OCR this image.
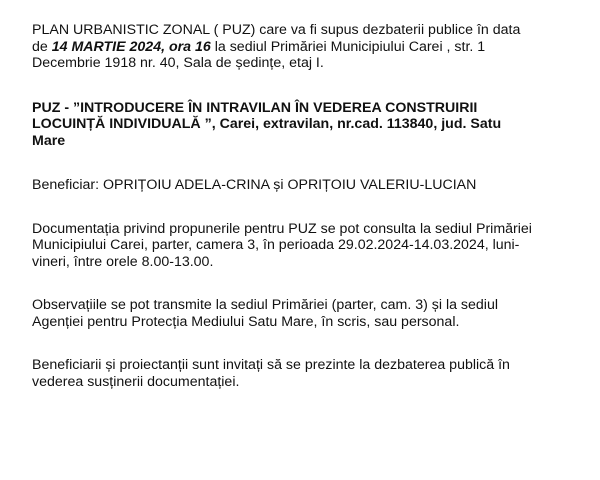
PLAN URBANISTIC ZONAL ( PUZ) care va fi supus dezbaterii publice în data
de 14 MARTIE 2024, ora 16 la sediul Primăriei Municipiului Carei , str. 1
Decembrie 1918 nr. 40, Sala de ședințe, etaj I.

PUZ - ”INTRODUCERE ÎN INTRAVILAN ÎN VEDEREA CONSTRUIRII
LOCUINȚĂ INDIVIDUALĂ ”, Carei, extravilan, nr.cad. 113840, jud. Satu
Mare

Beneficiar: OPRIȚOIU ADELA-CRINA și OPRIȚOIU VALERIU-LUCIAN

Documentația privind propunerile pentru PUZ se pot consulta la sediul Primăriei
Municipiului Carei, parter, camera 3, în perioada 29.02.2024-14.03.2024, luni-
vineri, între orele 8.00-13.00.

Observațiile se pot transmite la sediul Primăriei (parter, cam. 3) și la sediul
Agenției pentru Protecția Mediului Satu Mare, în scris, sau personal.

Beneficiarii și proiectanții sunt invitați să se prezinte la dezbaterea publică în
vederea susținerii documentației.
